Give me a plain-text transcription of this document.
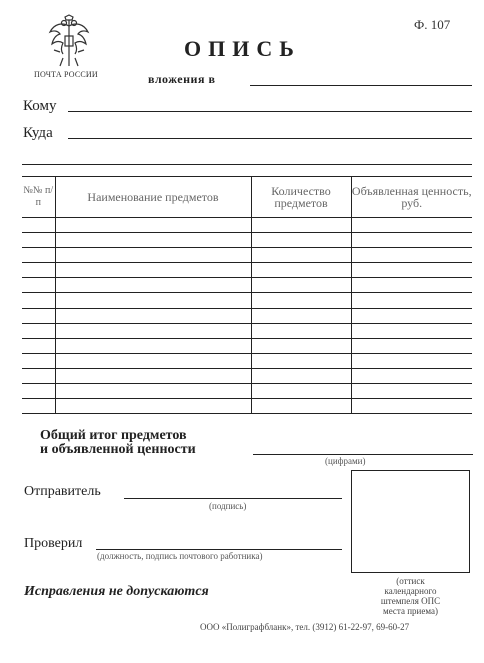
ПОЧТА РОССИИ
Ф. 107
ОПИСЬ
вложения в
Кому
Куда
№№ п/п	Наименование предметов	Количество предметов	Объявленная ценность, руб.

Общий итог предметов
и объявленной ценности
(цифрами)
Отправитель
(подпись)
Проверил
(должность, подпись почтового работника)
(оттиск
календарного
штемпеля ОПС
места приема)
Исправления не допускаются
ООО «Полиграфбланк», тел. (3912) 61-22-97, 69-60-27
